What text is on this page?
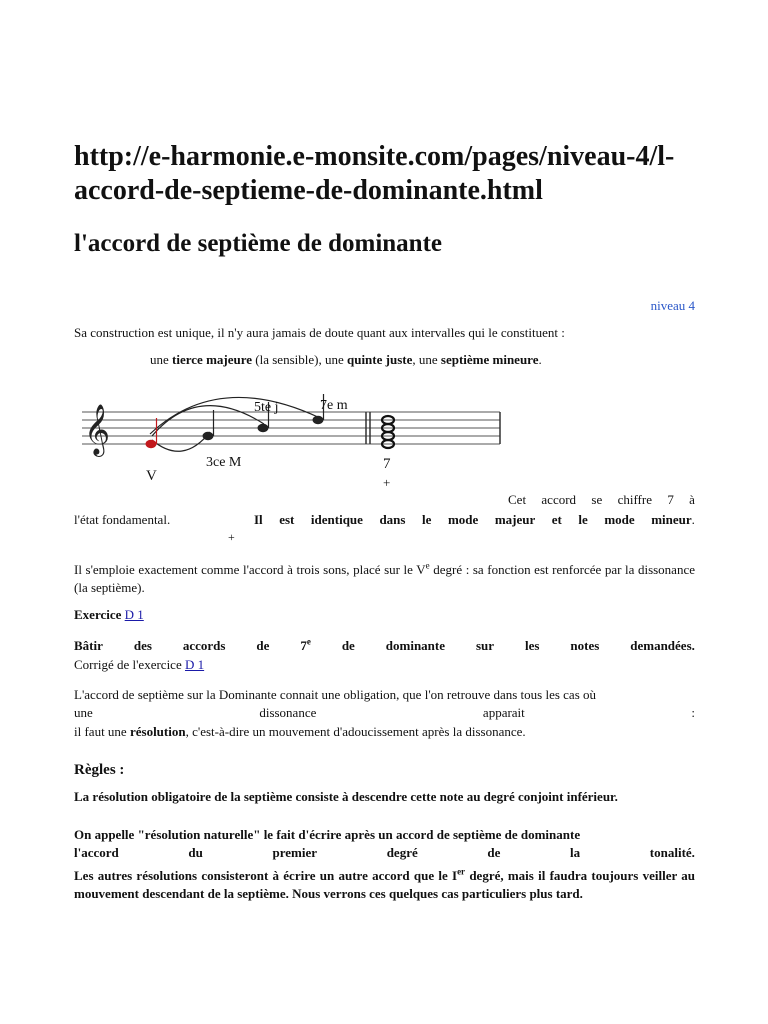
http://e-harmonie.e-monsite.com/pages/niveau-4/l-accord-de-septieme-de-dominante.html
l'accord de septième de dominante
niveau 4
Sa construction est unique, il n'y aura jamais de doute quant aux intervalles qui le constituent :
une tierce majeure (la sensible), une quinte juste, une septième mineure.
𝄞	5te j	7e m
3ce M
V
7
+
Cet accord se chiffre 7 à
l'état fondamental.	Il est identique dans le mode majeur et le mode mineur.
+
Il s'emploie exactement comme l'accord à trois sons, placé sur le Ve degré : sa fonction est renforcée par la dissonance (la septième).
Exercice D 1
Bâtir des accords de 7e de dominante sur les notes demandées.
Corrigé de l'exercice D 1
L'accord de septième sur la Dominante connait une obligation, que l'on retrouve dans tous les cas où
une	dissonance	apparait	:
il faut une résolution, c'est-à-dire un mouvement d'adoucissement après la dissonance.
Règles :
La résolution obligatoire de la septième consiste à descendre cette note au degré conjoint inférieur.
On appelle "résolution naturelle" le fait d'écrire après un accord de septième de dominante
l'accord	du	premier	degré	de	la	tonalité.
Les autres résolutions consisteront à écrire un autre accord que le Ier degré, mais il faudra toujours veiller au mouvement descendant de la septième. Nous verrons ces quelques cas particuliers plus tard.
